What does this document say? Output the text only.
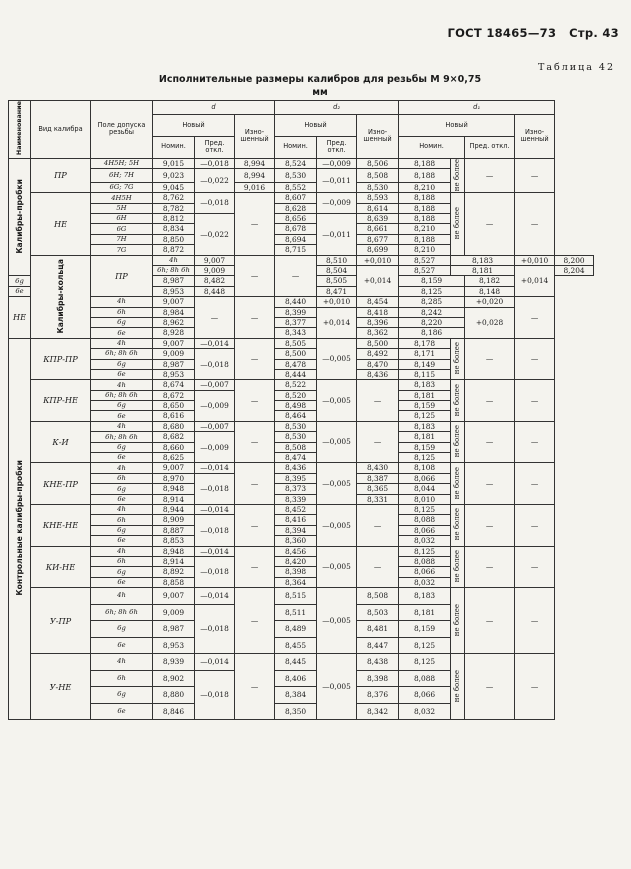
ГОСТ 18465—73 Стр. 43
Таблица 42
Исполнительные размеры калибров для резьбы М 9×0,75
мм
Наименование	Вид калибра	Поле допуска резьбы	d			d₂			d₁				
			Новый		Изно-шенный	Новый		Изно-шенный	Новый			Изно-шенный	
			Номин.	Пред. откл.		Номин.	Пред. откл.		Номин.		Пред. откл.		
Калибры-пробки	ПР	4H5H; 5H	9,015	—0,018	8,994	8,524	—0,009	8,506	8,188	не более	—	—	
		6H; 7H	9,023	—0,022	8,994	8,530	—0,011	8,508	8,188				
		6G; 7G	9,045		9,016	8,552		8,530	8,210				
	НЕ	4H5H	8,762	—0,018	—	8,607	—0,009	8,593	8,188	не более	—	—	
		5H	8,782			8,628		8,614	8,188				
		6H	8,812	—0,022		8,656	—0,011	8,639	8,188				
		6G	8,834			8,678		8,661	8,210				
		7H	8,850			8,694		8,677	8,188				
		7G	8,872			8,715		8,699	8,210				
	Калибры-кольца	ПР	4h	9,007	—	—	8,510	+0,010	8,527	8,183		+0,010	8,200
			6h; 8h 6h	9,009			8,504	+0,014	8,527	8,181		+0,014	8,204
6g			8,987	8,482			8,505		8,159		8,182		
6e			8,953	8,448			8,471		8,125		8,148		
НЕ		4h	9,007	—	—	8,440	+0,010	8,454	8,285		+0,020	—	
		6h	8,984			8,399	+0,014	8,418	8,242		+0,028		
		6g	8,962			8,377		8,396	8,220				
		6e	8,928			8,343		8,362	8,186				
Контрольные калибры-пробки	КПР-ПР	4h	9,007	—0,014	—	8,505	—0,005	8,500	8,178	не более	—	—	
		6h; 8h 6h	9,009	—0,018		8,500		8,492	8,171				
		6g	8,987			8,478		8,470	8,149				
		6e	8,953			8,444		8,436	8,115				
	КПР-НЕ	4h	8,674	—0,007	—	8,522	—0,005	—	8,183	не более	—	—	
		6h; 8h 6h	8,672	—0,009		8,520			8,181				
		6g	8,650			8,498			8,159				
		6e	8,616			8,464			8,125				
	К-И	4h	8,680	—0,007	—	8,530	—0,005	—	8,183	не более	—	—	
		6h; 8h 6h	8,682	—0,009		8,530			8,181				
		6g	8,660			8,508			8,159				
		6e	8,625			8,474			8,125				
	КНЕ-ПР	4h	9,007	—0,014	—	8,436	—0,005	8,430	8,108	не более	—	—	
		6h	8,970	—0,018		8,395		8,387	8,066				
		6g	8,948			8,373		8,365	8,044				
		6e	8,914			8,339		8,331	8,010				
	КНЕ-НЕ	4h	8,944	—0,014	—	8,452	—0,005	—	8,125	не более	—	—	
		6h	8,909	—0,018		8,416			8,088				
		6g	8,887			8,394			8,066				
		6e	8,853			8,360			8,032				
	КИ-НЕ	4h	8,948	—0,014	—	8,456	—0,005	—	8,125	не более	—	—	
		6h	8,914	—0,018		8,420			8,088				
		6g	8,892			8,398			8,066				
		6e	8,858			8,364			8,032				
	У-ПР	4h	9,007	—0,014	—	8,515	—0,005	8,508	8,183	не более	—	—	
		6h; 8h 6h	9,009	—0,018		8,511		8,503	8,181				
		6g	8,987			8,489		8,481	8,159				
		6e	8,953			8,455		8,447	8,125				
	У-НЕ	4h	8,939	—0,014	—	8,445	—0,005	8,438	8,125	не более	—	—	
		6h	8,902	—0,018		8,406		8,398	8,088				
		6g	8,880			8,384		8,376	8,066				
		6e	8,846			8,350		8,342	8,032				
